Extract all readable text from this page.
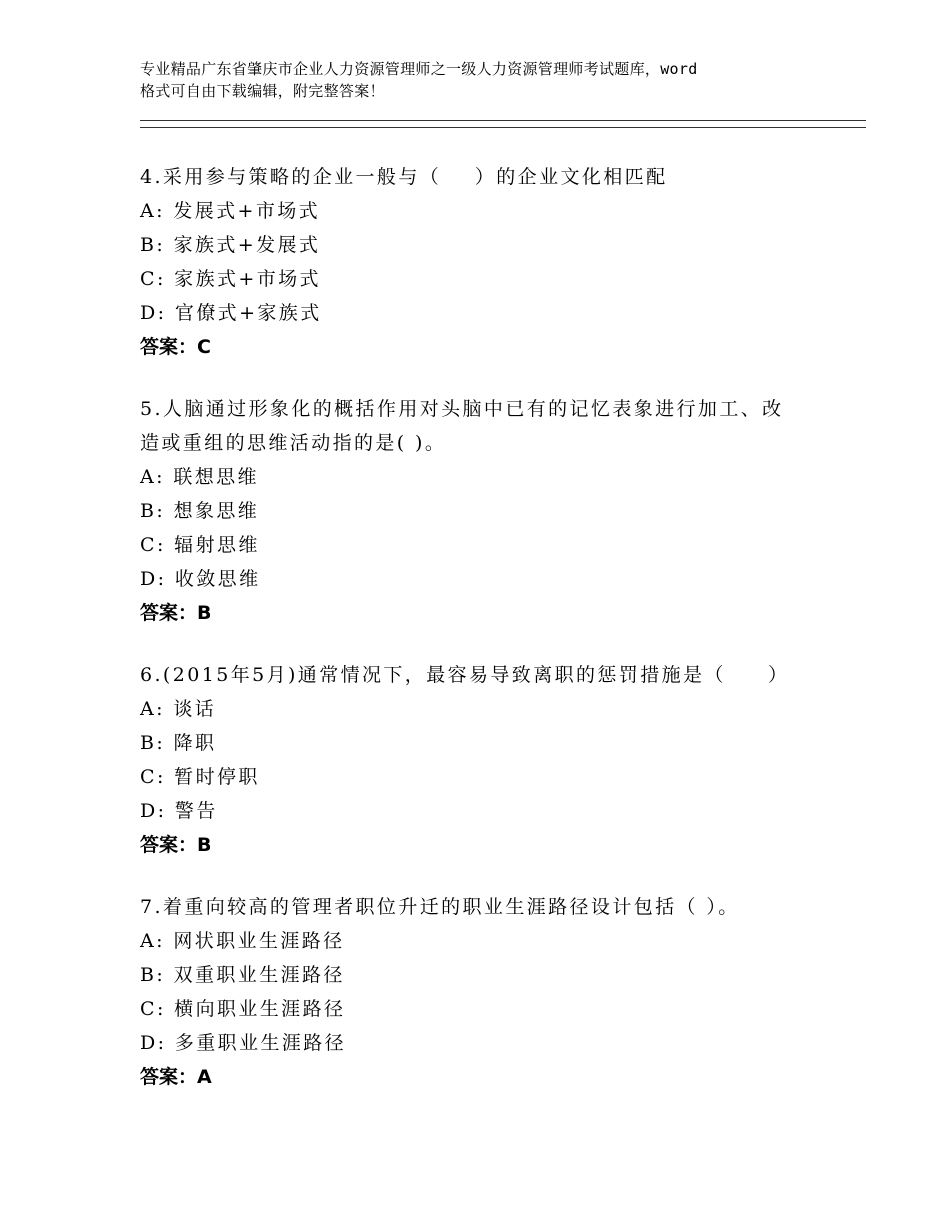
专业精品广东省肇庆市企业人力资源管理师之一级人力资源管理师考试题库，word
格式可自由下载编辑，附完整答案！
4.采用参与策略的企业一般与（    ）的企业文化相匹配
A: 发展式+市场式
B: 家族式+发展式
C: 家族式+市场式
D: 官僚式+家族式
答案：C
5.人脑通过形象化的概括作用对头脑中已有的记忆表象进行加工、改造或重组的思维活动指的是( )。
A: 联想思维
B: 想象思维
C: 辐射思维
D: 收敛思维
答案：B
6.(2015年5月)通常情况下，最容易导致离职的惩罚措施是（     ）
A: 谈话
B: 降职
C: 暂时停职
D: 警告
答案：B
7.着重向较高的管理者职位升迁的职业生涯路径设计包括（ ）。
A: 网状职业生涯路径
B: 双重职业生涯路径
C: 横向职业生涯路径
D: 多重职业生涯路径
答案：A
